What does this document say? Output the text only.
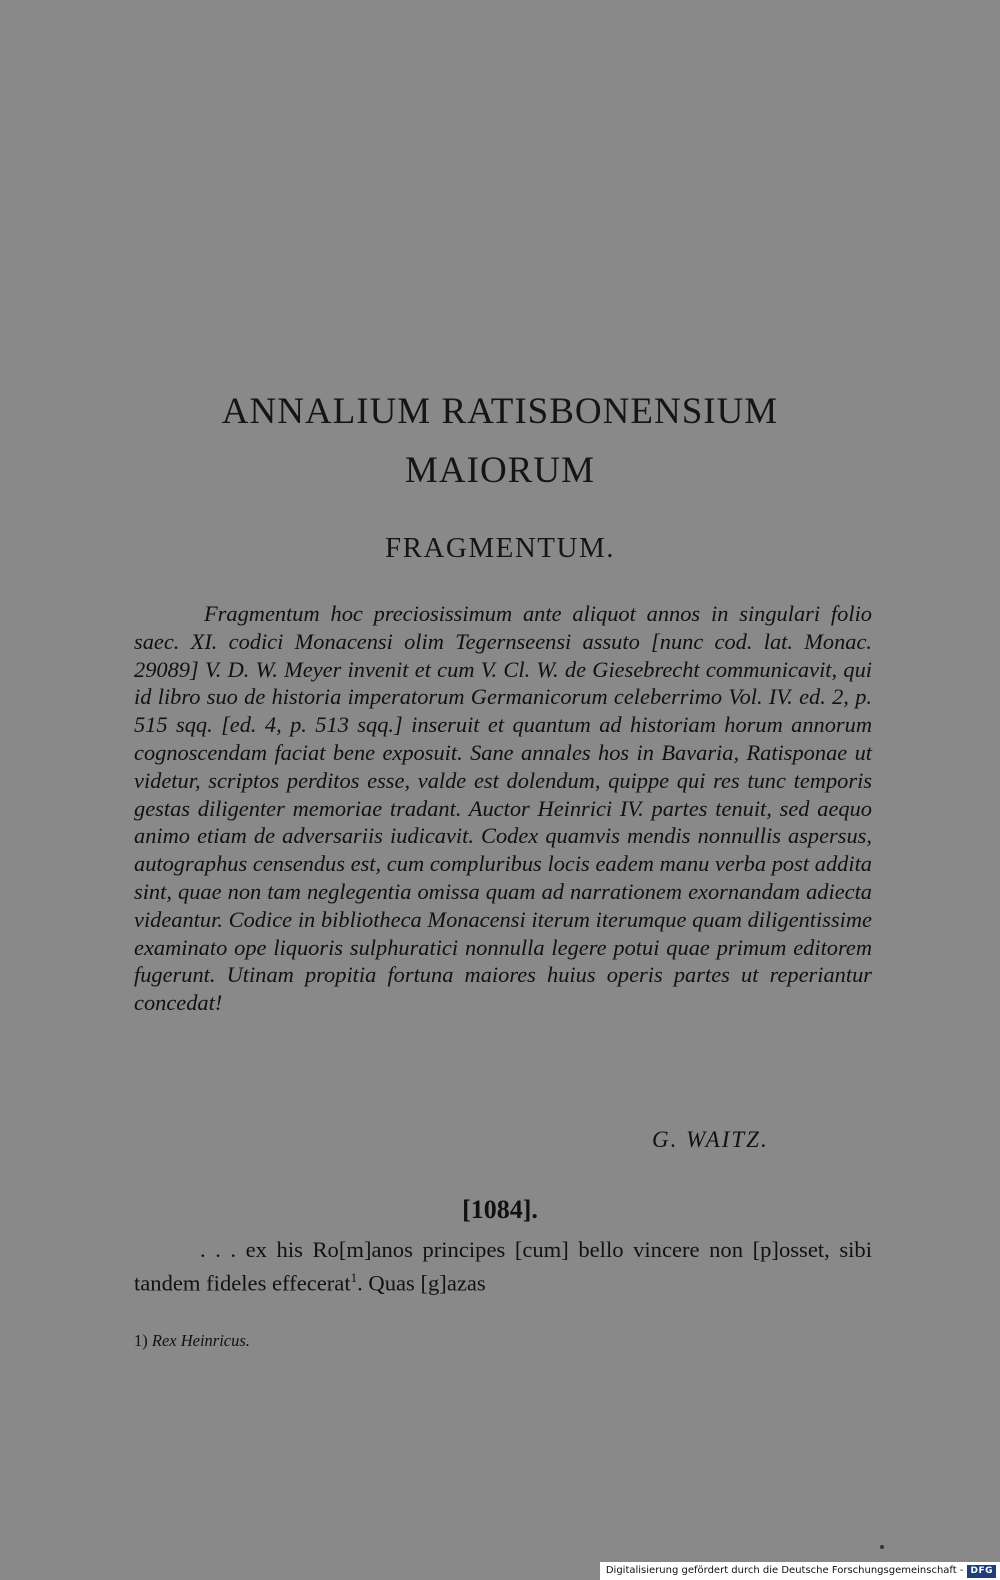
ANNALIUM RATISBONENSIUM
MAIORUM
FRAGMENTUM.

Fragmentum hoc preciosissimum ante aliquot annos in singulari folio saec. XI. codici Monacensi olim Tegernseensi assuto [nunc cod. lat. Monac. 29089] V. D. W. Meyer invenit et cum V. Cl. W. de Giesebrecht communicavit, qui id libro suo de historia imperatorum Germanicorum celeberrimo Vol. IV. ed. 2, p. 515 sqq. [ed. 4, p. 513 sqq.] inseruit et quantum ad historiam horum annorum cognoscendam faciat bene exposuit. Sane annales hos in Bavaria, Ratisponae ut videtur, scriptos perditos esse, valde est dolendum, quippe qui res tunc temporis gestas diligenter memoriae tradant. Auctor Heinrici IV. partes tenuit, sed aequo animo etiam de adversariis iudicavit. Codex quamvis mendis nonnullis aspersus, autographus censendus est, cum compluribus locis eadem manu verba post addita sint, quae non tam neglegentia omissa quam ad narrationem exornandam adiecta videantur. Codice in bibliotheca Monacensi iterum iterumque quam diligentissime examinato ope liquoris sulphuratici nonnulla legere potui quae primum editorem fugerunt. Utinam propitia fortuna maiores huius operis partes ut reperiantur concedat!

G. WAITZ.
[1084].

. . . ex his Ro[m]anos principes [cum] bello vincere non [p]osset, sibi tandem fideles effecerat$^1$. Quas [g]azas

1) Rex Heinricus.
Digitalisierung gefördert durch die Deutsche Forschungsgemeinschaft - DFG
